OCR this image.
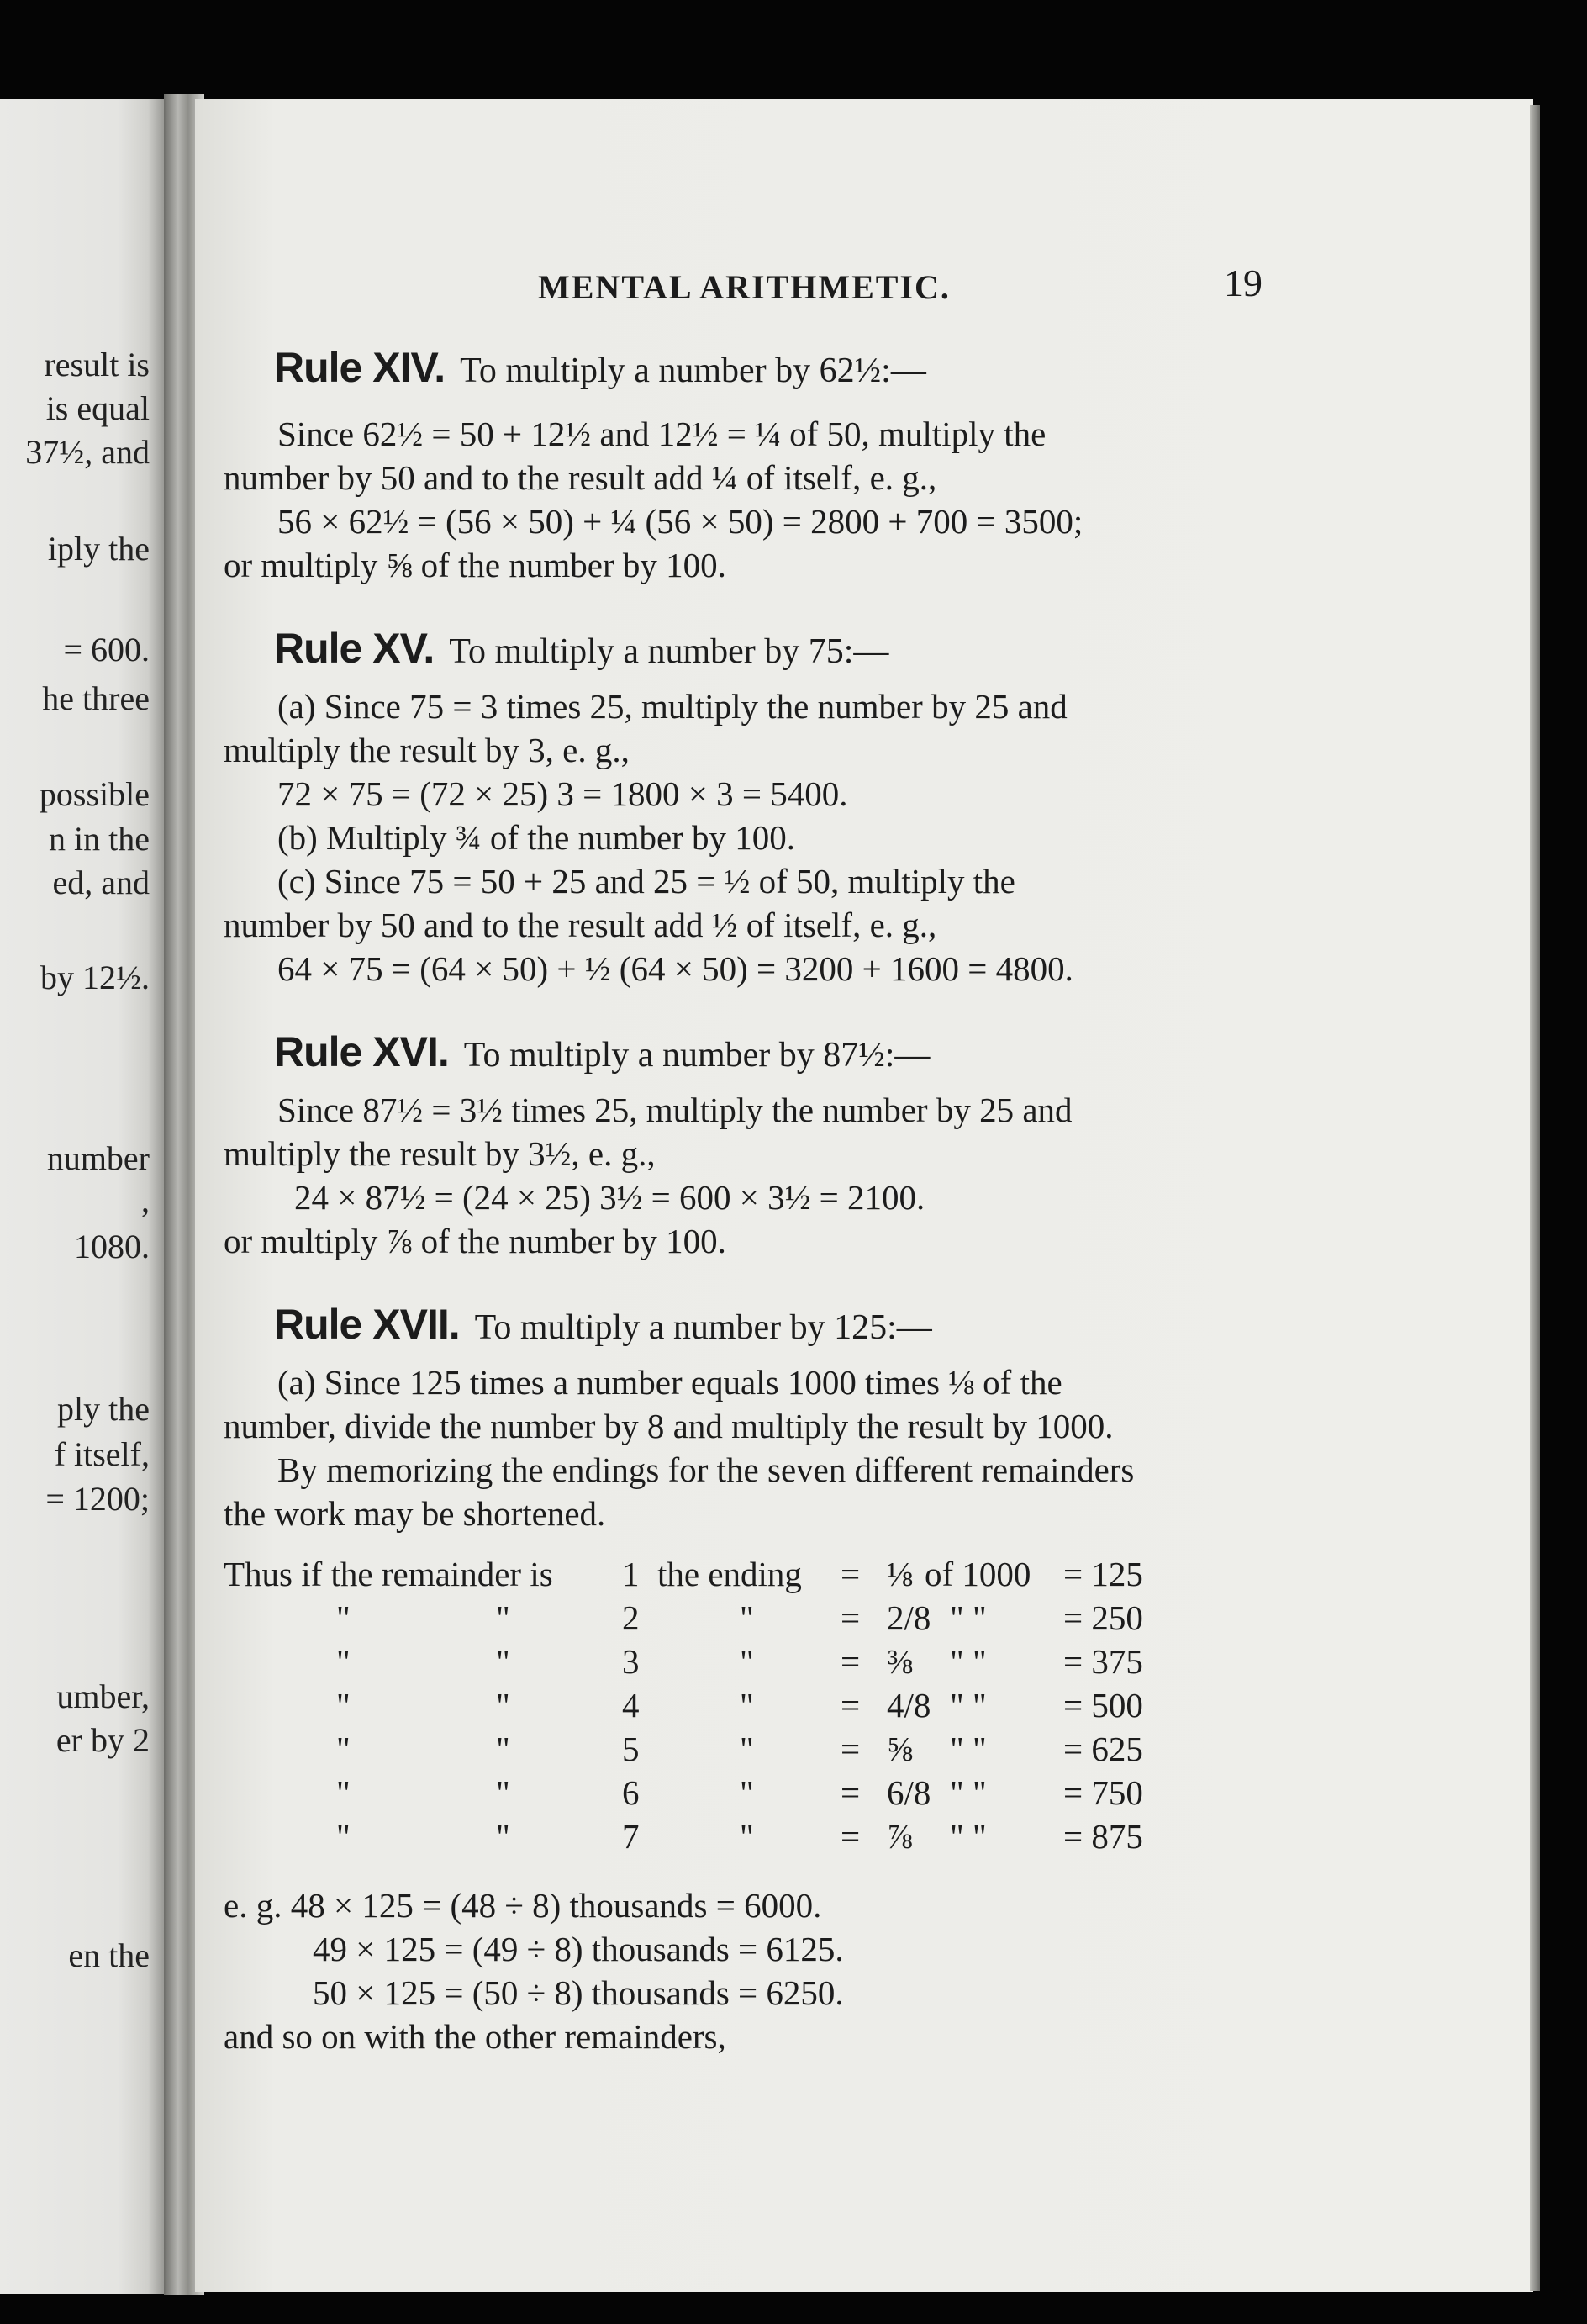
result is
is equal
37½, and
iply the
= 600.
he three
possible
n in the
ed, and
by 12½.
number
,
1080.
ply the
f itself,
= 1200;
umber,
er by 2
en the
MENTAL ARITHMETIC.	19
Rule XIV. To multiply a number by 62½:—
Since 62½ = 50 + 12½ and 12½ = ¼ of 50, multiply the
number by 50 and to the result add ¼ of itself, e. g.,
56 × 62½ = (56 × 50) + ¼ (56 × 50) = 2800 + 700 = 3500;
or multiply ⅝ of the number by 100.
Rule XV. To multiply a number by 75:—
(a) Since 75 = 3 times 25, multiply the number by 25 and
multiply the result by 3, e. g.,
72 × 75 = (72 × 25) 3 = 1800 × 3 = 5400.
(b) Multiply ¾ of the number by 100.
(c) Since 75 = 50 + 25 and 25 = ½ of 50, multiply the
number by 50 and to the result add ½ of itself, e. g.,
64 × 75 = (64 × 50) + ½ (64 × 50) = 3200 + 1600 = 4800.
Rule XVI. To multiply a number by 87½:—
Since 87½ = 3½ times 25, multiply the number by 25 and
multiply the result by 3½, e. g.,
24 × 87½ = (24 × 25) 3½ = 600 × 3½ = 2100.
or multiply ⅞ of the number by 100.
Rule XVII. To multiply a number by 125:—
(a) Since 125 times a number equals 1000 times ⅛ of the
number, divide the number by 8 and multiply the result by 1000.
By memorizing the endings for the seven different remainders
the work may be shortened.
Thus if the remainder is 1 the ending = ⅛ of 1000 = 125
"	"	2	"	= 2/8 " " = 250
"	"	3	"	= ⅜ " " = 375
"	"	4	"	= 4/8 " " = 500
"	"	5	"	= ⅝ " " = 625
"	"	6	"	= 6/8 " " = 750
"	"	7	"	= ⅞ " " = 875
e. g. 48 × 125 = (48 ÷ 8) thousands = 6000.
49 × 125 = (49 ÷ 8) thousands = 6125.
50 × 125 = (50 ÷ 8) thousands = 6250.
and so on with the other remainders,
